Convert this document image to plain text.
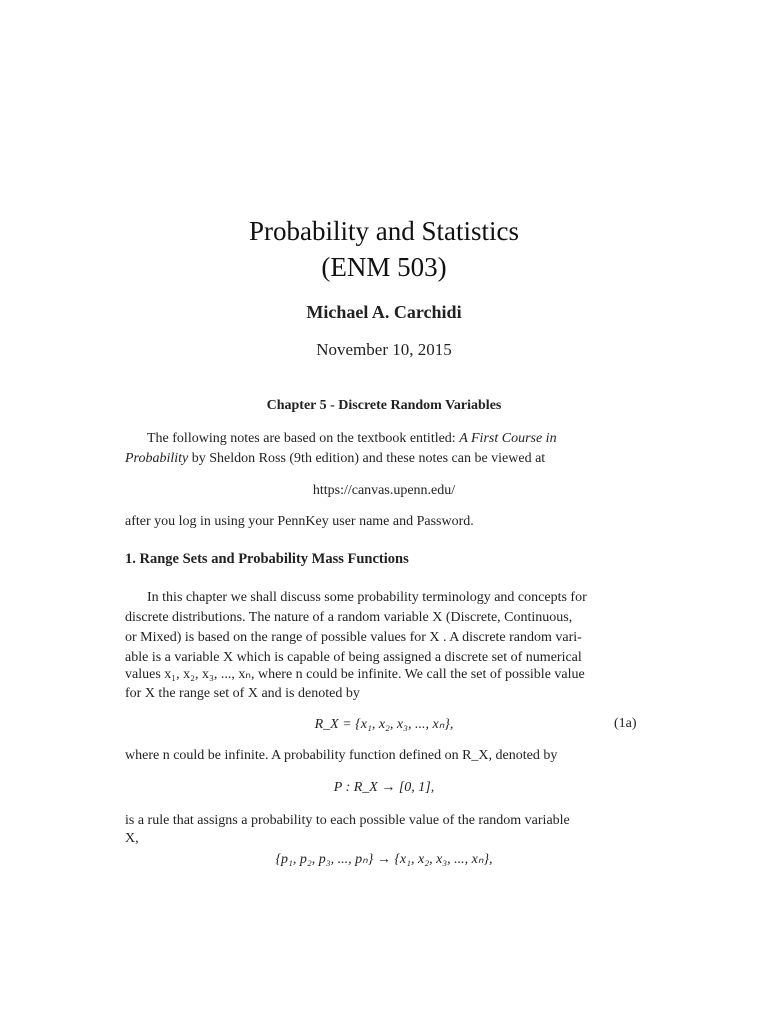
Probability and Statistics
(ENM 503)
Michael A. Carchidi
November 10, 2015
Chapter 5 - Discrete Random Variables
The following notes are based on the textbook entitled: A First Course in
Probability by Sheldon Ross (9th edition) and these notes can be viewed at
https://canvas.upenn.edu/
after you log in using your PennKey user name and Password.
1. Range Sets and Probability Mass Functions
In this chapter we shall discuss some probability terminology and concepts for
discrete distributions. The nature of a random variable X (Discrete, Continuous,
or Mixed) is based on the range of possible values for X . A discrete random vari-
able is a variable X which is capable of being assigned a discrete set of numerical
values x₁, x₂, x₃, ..., xₙ, where n could be infinite. We call the set of possible value
for X the range set of X and is denoted by
R_X = {x₁, x₂, x₃, ..., xₙ},	(1a)
where n could be infinite. A probability function defined on R_X, denoted by
P : R_X → [0, 1],
is a rule that assigns a probability to each possible value of the random variable
X,
{p₁, p₂, p₃, ..., pₙ} → {x₁, x₂, x₃, ..., xₙ},
